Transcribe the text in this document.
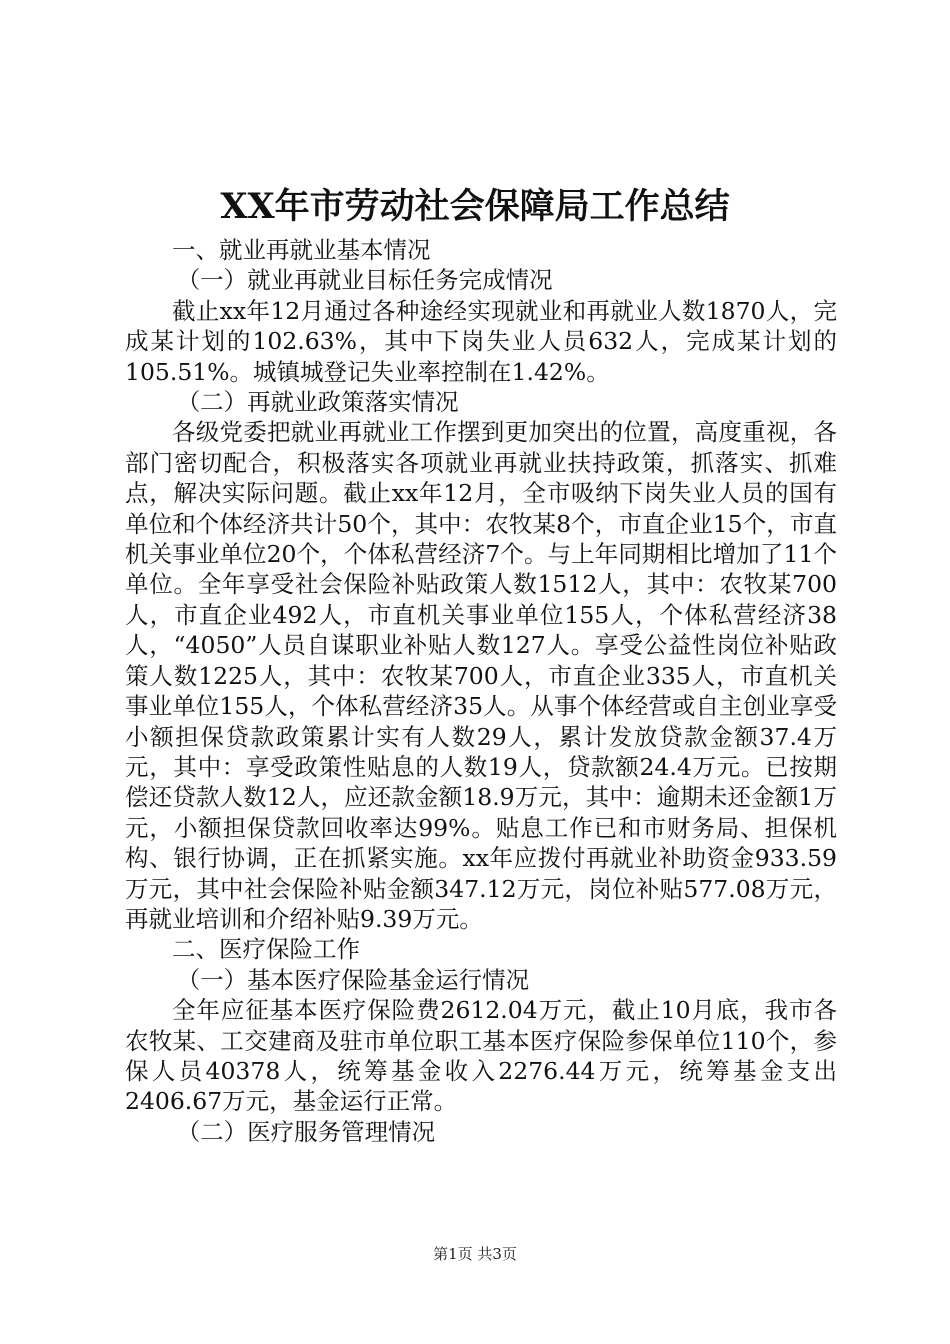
XX年市劳动社会保障局工作总结

一、就业再就业基本情况

（一）就业再就业目标任务完成情况

截止xx年12月通过各种途经实现就业和再就业人数1870人，完成某计划的102.63%，其中下岗失业人员632人，完成某计划的105.51%。城镇城登记失业率控制在1.42%。

（二）再就业政策落实情况

各级党委把就业再就业工作摆到更加突出的位置，高度重视，各部门密切配合，积极落实各项就业再就业扶持政策，抓落实、抓难点，解决实际问题。截止xx年12月，全市吸纳下岗失业人员的国有单位和个体经济共计50个，其中：农牧某8个，市直企业15个，市直机关事业单位20个，个体私营经济7个。与上年同期相比增加了11个单位。全年享受社会保险补贴政策人数1512人，其中：农牧某700人，市直企业492人，市直机关事业单位155人，个体私营经济38人，“4050”人员自谋职业补贴人数127人。享受公益性岗位补贴政策人数1225人，其中：农牧某700人，市直企业335人，市直机关事业单位155人，个体私营经济35人。从事个体经营或自主创业享受小额担保贷款政策累计实有人数29人，累计发放贷款金额37.4万元，其中：享受政策性贴息的人数19人，贷款额24.4万元。已按期偿还贷款人数12人，应还款金额18.9万元，其中：逾期未还金额1万元，小额担保贷款回收率达99%。贴息工作已和市财务局、担保机构、银行协调，正在抓紧实施。xx年应拨付再就业补助资金933.59万元，其中社会保险补贴金额347.12万元，岗位补贴577.08万元，再就业培训和介绍补贴9.39万元。

二、医疗保险工作

（一）基本医疗保险基金运行情况

全年应征基本医疗保险费2612.04万元，截止10月底，我市各农牧某、工交建商及驻市单位职工基本医疗保险参保单位110个，参保人员40378人，统筹基金收入2276.44万元，统筹基金支出2406.67万元，基金运行正常。

（二）医疗服务管理情况

第1页 共3页
